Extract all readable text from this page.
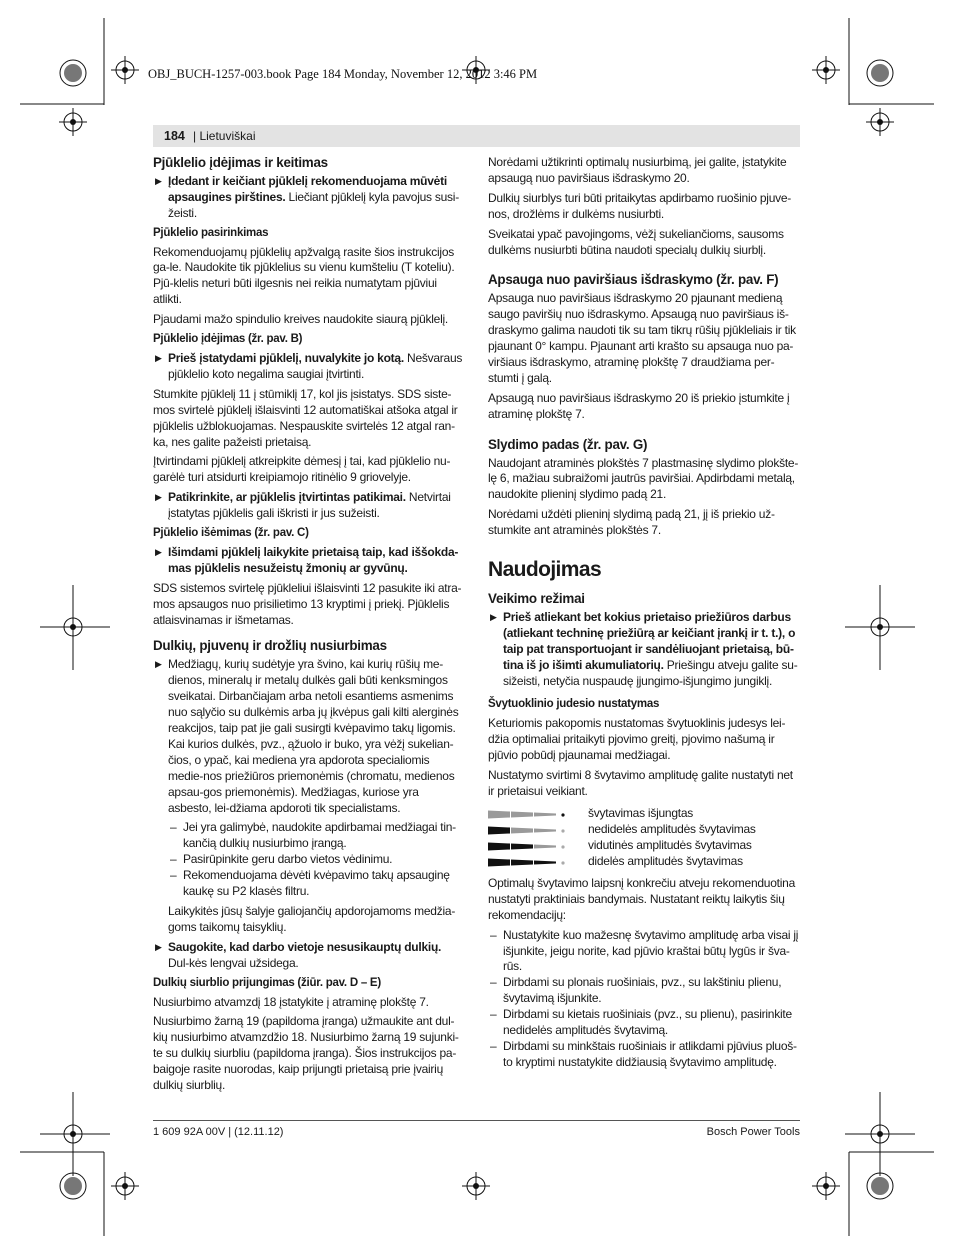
OBJ_BUCH-1257-003.book Page 184 Monday, November 12, 2012 3:46 PM
184 | Lietuviškai
Pjūklelio įdėjimas ir keitimas
▶ Įdedant ir keičiant pjūklelį rekomenduojama mūvėti apsaugines pirštines. Liečiant pjūklelį kyla pavojus susi-žeisti.
Pjūklelio pasirinkimas

Rekomenduojamų pjūklelių apžvalgą rasite šios instrukcijos ga-le. Naudokite tik pjūklelius su vienu kumšteliu (T koteliu). Pjū-klelis neturi būti ilgesnis nei reikia numatytam pjūviui atlikti.

Pjaudami mažo spindulio kreives naudokite siaurą pjūklelį.

Pjūklelio įdėjimas (žr. pav. B)
▶ Prieš įstatydami pjūklelį, nuvalykite jo kotą. Nešvaraus pjūklelio koto negalima saugiai įtvirtinti.

Stumkite pjūklelį 11 į stūmiklį 17, kol jis įsistatys. SDS siste-mos svirtelė pjūklelį išlaisvinti 12 automatiškai atšoka atgal ir pjūklelis užblokuojamas. Nespauskite svirtelės 12 atgal ran-ka, nes galite pažeisti prietaisą.

Įtvirtindami pjūklelį atkreipkite dėmesį į tai, kad pjūklelio nu-garėlė turi atsidurti kreipiamojo ritinėlio 9 griovelyje.

▶ Patikrinkite, ar pjūklelis įtvirtintas patikimai. Netvirtai įstatytas pjūklelis gali iškristi ir jus sužeisti.
Pjūklelio išėmimas (žr. pav. C)
▶ Išimdami pjūklelį laikykite prietaisą taip, kad iššokda-mas pjūklelis nesužeistų žmonių ar gyvūnų.

SDS sistemos svirtelę pjūkleliui išlaisvinti 12 pasukite iki atra-mos apsaugos nuo prisilietimo 13 kryptimi į priekį. Pjūklelis atlaisvinamas ir išmetamas.

Dulkių, pjuvenų ir drožlių nusiurbimas
▶ Medžiagų, kurių sudėtyje yra švino, kai kurių rūšių me-dienos, mineralų ir metalų dulkės gali būti kenksmingos sveikatai. Dirbančiajam arba netoli esantiems asmenims nuo sąlyčio su dulkėmis arba jų įkvėpus gali kilti alerginės reakcijos, taip pat jie gali susirgti kvėpavimo takų ligomis. Kai kurios dulkės, pvz., ąžuolo ir buko, yra vėžį sukelian-čios, o ypač, kai mediena yra apdorota specialiomis medie-nos priežiūros priemonėmis (chromatu, medienos apsau-gos priemonėmis). Medžiagas, kuriose yra asbesto, lei-džiama apdoroti tik specialistams.
– Jei yra galimybė, naudokite apdirbamai medžiagai tin-kančią dulkių nusiurbimo įrangą.
– Pasirūpinkite geru darbo vietos vėdinimu.
– Rekomenduojama dėvėti kvėpavimo takų apsauginę kaukę su P2 klasės filtru.

Laikykitės jūsų šalyje galiojančių apdorojamoms medžia-goms taikomų taisyklių.

▶ Saugokite, kad darbo vietoje nesusikauptų dulkių. Dul-kės lengvai užsidega.
Dulkių siurblio prijungimas (žiūr. pav. D – E)

Nusiurbimo atvamzdį 18 įstatykite į atraminę plokštę 7.

Nusiurbimo žarną 19 (papildoma įranga) užmaukite ant dul-kių nusiurbimo atvamzdžio 18. Nusiurbimo žarną 19 sujunki-te su dulkių siurbliu (papildoma įranga). Šios instrukcijos pa-baigoje rasite nuorodas, kaip prijungti prietaisą prie įvairių dulkių siurblių.

Norėdami užtikrinti optimalų nusiurbimą, jei galite, įstatykite apsaugą nuo paviršiaus išdraskymo 20.

Dulkių siurblys turi būti pritaikytas apdirbamo ruošinio pjuve-nos, drožlėms ir dulkėms nusiurbti.

Sveikatai ypač pavojingoms, vėžį sukeliančioms, sausoms dulkėms nusiurbti būtina naudoti specialų dulkių siurblį.

Apsauga nuo paviršiaus išdraskymo (žr. pav. F)

Apsauga nuo paviršiaus išdraskymo 20 pjaunant medieną saugo paviršių nuo išdraskymo. Apsaugą nuo paviršiaus iš-draskymo galima naudoti tik su tam tikrų rūšių pjūkleliais ir tik pjaunant 0° kampu. Pjaunant arti krašto su apsauga nuo pa-viršiaus išdraskymo, atraminę plokštę 7 draudžiama per-stumti į galą.

Apsaugą nuo paviršiaus išdraskymo 20 iš priekio įstumkite į atraminę plokštę 7.

Slydimo padas (žr. pav. G)

Naudojant atraminės plokštės 7 plastmasinę slydimo plokšte-lę 6, mažiau subraižomi jautrūs paviršiai. Apdirbdami metalą, naudokite plieninį slydimo padą 21.

Norėdami uždėti plieninį slydimą padą 21, jį iš priekio už-stumkite ant atraminės plokštės 7.

Naudojimas
Veikimo režimai
▶ Prieš atliekant bet kokius prietaiso priežiūros darbus (atliekant techninę priežiūrą ar keičiant įrankį ir t. t.), o taip pat transportuojant ir sandėliuojant prietaisą, bū-tina iš jo išimti akumuliatorių. Priešingu atveju galite su-sižeisti, netyčia nuspaudę įjungimo-išjungimo jungiklį.
Švytuoklinio judesio nustatymas

Keturiomis pakopomis nustatomas švytuoklinis judesys lei-džia optimaliai pritaikyti pjovimo greitį, pjovimo našumą ir pjūvio pobūdį pjaunamai medžiagai.

Nustatymo svirtimi 8 švytavimo amplitudę galite nustatyti net ir prietaisui veikiant.

švytavimas išjungtas
nedidelės amplitudės švytavimas
vidutinės amplitudės švytavimas
didelės amplitudės švytavimas

Optimalų švytavimo laipsnį konkrečiu atveju rekomenduotina nustatyti praktiniais bandymais. Nustatant reiktų laikytis šių rekomendacijų:

– Nustatykite kuo mažesnę švytavimo amplitudę arba visai jį išjunkite, jeigu norite, kad pjūvio kraštai būtų lygūs ir šva-rūs.
– Dirbdami su plonais ruošiniais, pvz., su lakštiniu plienu, švytavimą išjunkite.
– Dirbdami su kietais ruošiniais (pvz., su plienu), pasirinkite nedidelės amplitudės švytavimą.
– Dirbdami su minkštais ruošiniais ir atlikdami pjūvius pluoš-to kryptimi nustatykite didžiausią švytavimo amplitudę.
1 609 92A 00V | (12.11.12)	Bosch Power Tools
